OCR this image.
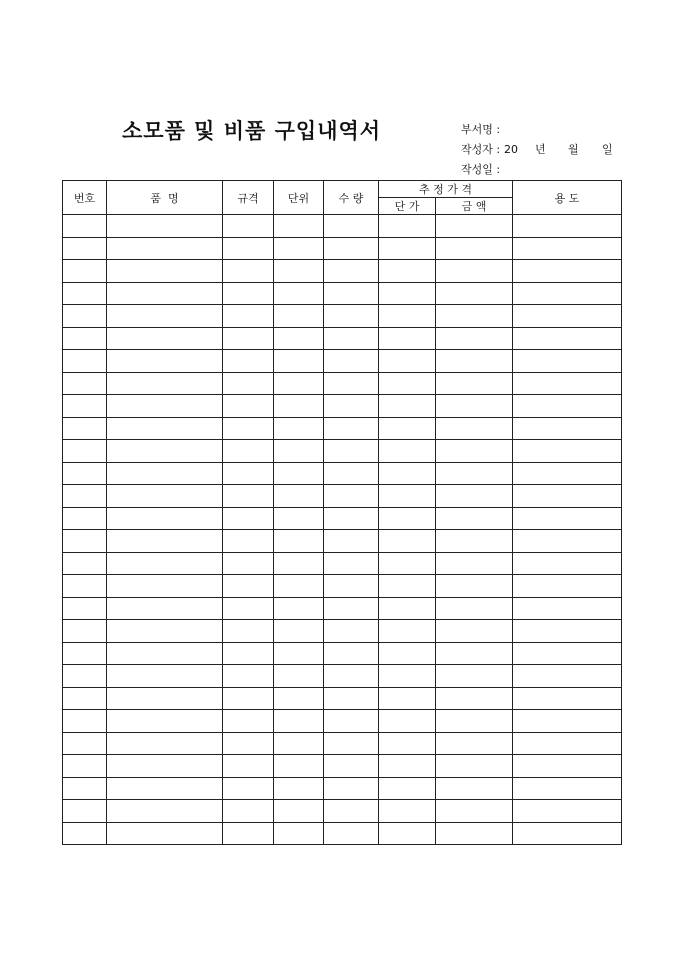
소모품 및 비품 구입내역서	부서명 :

작성자 :

작성일 :

20

년

월

일

번호	품  명	규격	단위	수 량	추 정 가 격		용 도
					단 가	금 액	
